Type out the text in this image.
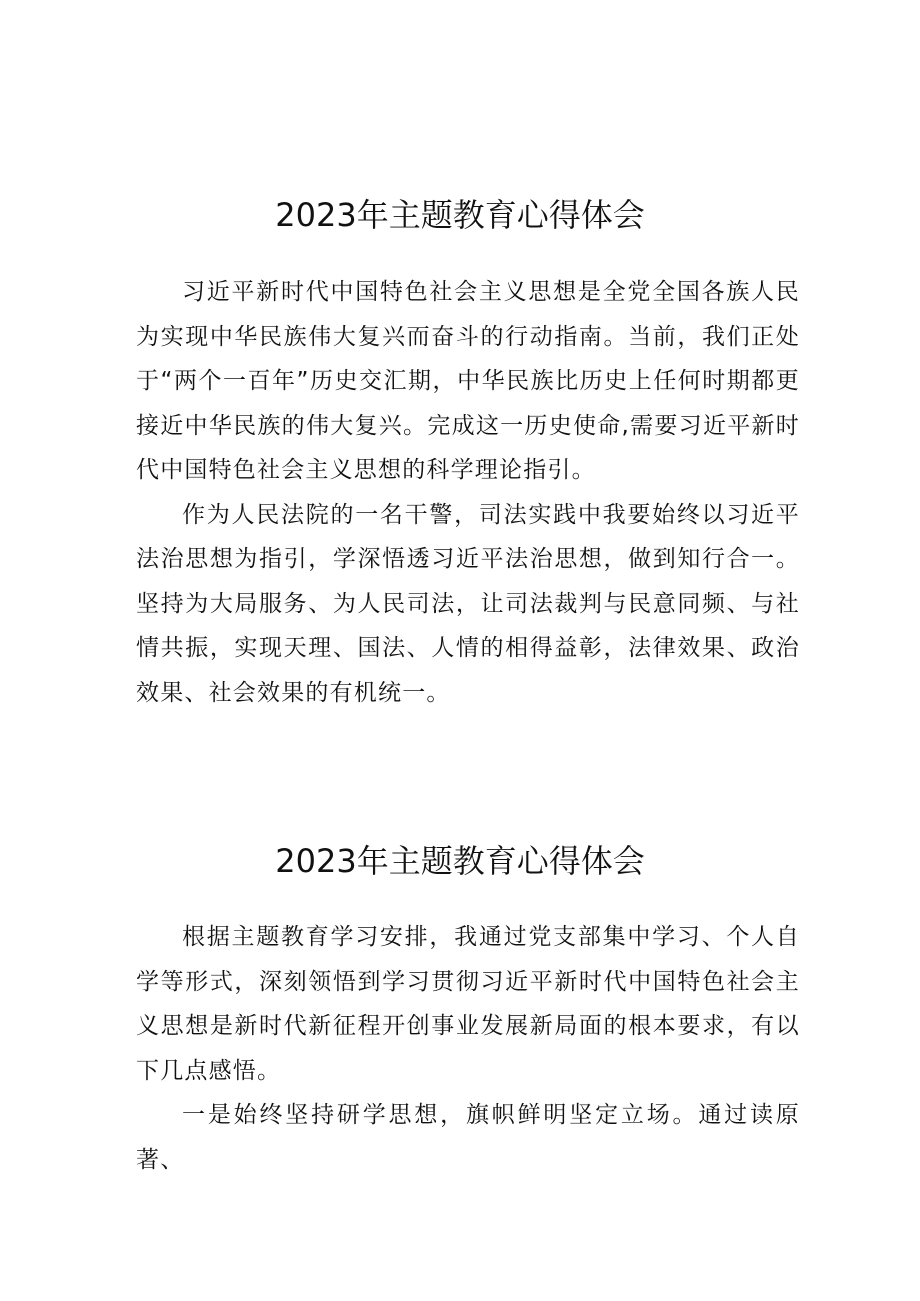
2023年主题教育心得体会

习近平新时代中国特色社会主义思想是全党全国各族人民为实现中华民族伟大复兴而奋斗的行动指南。当前，我们正处于“两个一百年”历史交汇期，中华民族比历史上任何时期都更接近中华民族的伟大复兴。完成这一历史使命,需要习近平新时代中国特色社会主义思想的科学理论指引。

作为人民法院的一名干警，司法实践中我要始终以习近平法治思想为指引，学深悟透习近平法治思想，做到知行合一。坚持为大局服务、为人民司法，让司法裁判与民意同频、与社情共振，实现天理、国法、人情的相得益彰，法律效果、政治效果、社会效果的有机统一。

2023年主题教育心得体会

根据主题教育学习安排，我通过党支部集中学习、个人自学等形式，深刻领悟到学习贯彻习近平新时代中国特色社会主义思想是新时代新征程开创事业发展新局面的根本要求，有以下几点感悟。

一是始终坚持研学思想，旗帜鲜明坚定立场。通过读原著、
